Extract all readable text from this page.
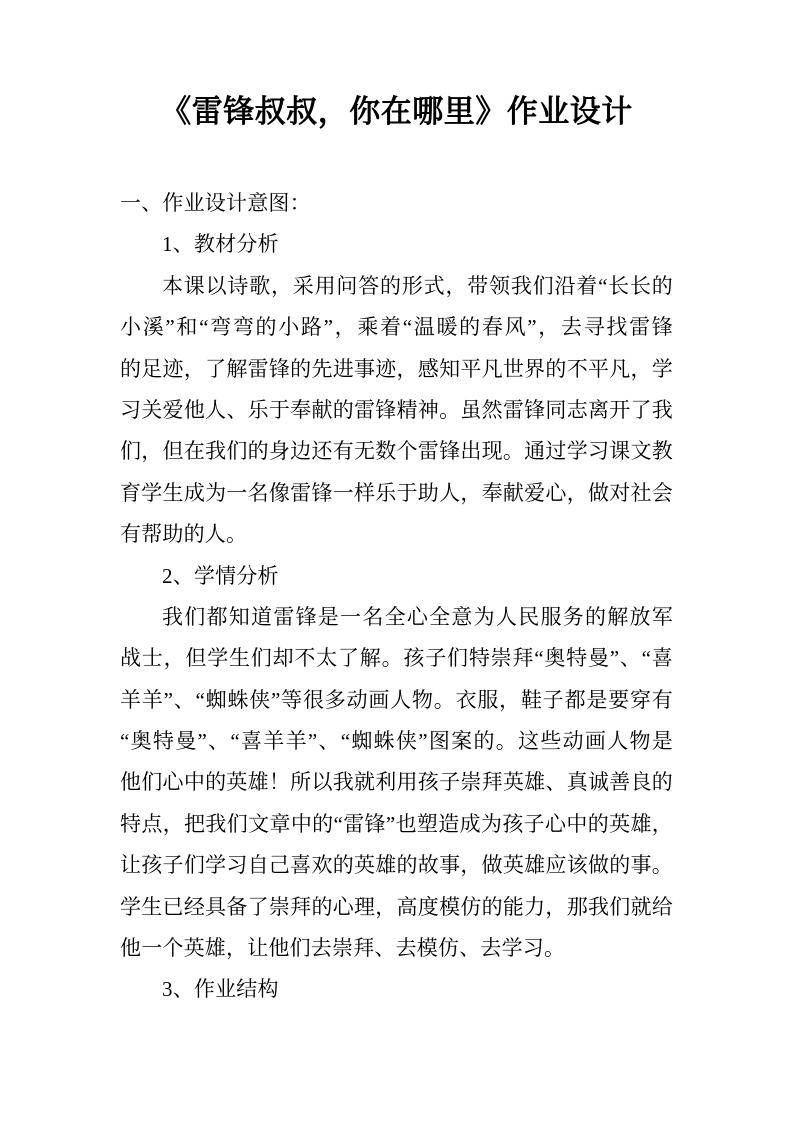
《雷锋叔叔，你在哪里》作业设计
一、作业设计意图：
1、教材分析
本课以诗歌，采用问答的形式，带领我们沿着“长长的
小溪”和“弯弯的小路”，乘着“温暖的春风”，去寻找雷锋
的足迹，了解雷锋的先进事迹，感知平凡世界的不平凡，学
习关爱他人、乐于奉献的雷锋精神。虽然雷锋同志离开了我
们，但在我们的身边还有无数个雷锋出现。通过学习课文教
育学生成为一名像雷锋一样乐于助人，奉献爱心，做对社会
有帮助的人。
2、学情分析
我们都知道雷锋是一名全心全意为人民服务的解放军
战士，但学生们却不太了解。孩子们特崇拜“奥特曼”、“喜
羊羊”、“蜘蛛侠”等很多动画人物。衣服，鞋子都是要穿有
“奥特曼”、“喜羊羊”、“蜘蛛侠”图案的。这些动画人物是
他们心中的英雄！所以我就利用孩子崇拜英雄、真诚善良的
特点，把我们文章中的“雷锋”也塑造成为孩子心中的英雄，
让孩子们学习自己喜欢的英雄的故事，做英雄应该做的事。
学生已经具备了崇拜的心理，高度模仿的能力，那我们就给
他一个英雄，让他们去崇拜、去模仿、去学习。
3、作业结构
